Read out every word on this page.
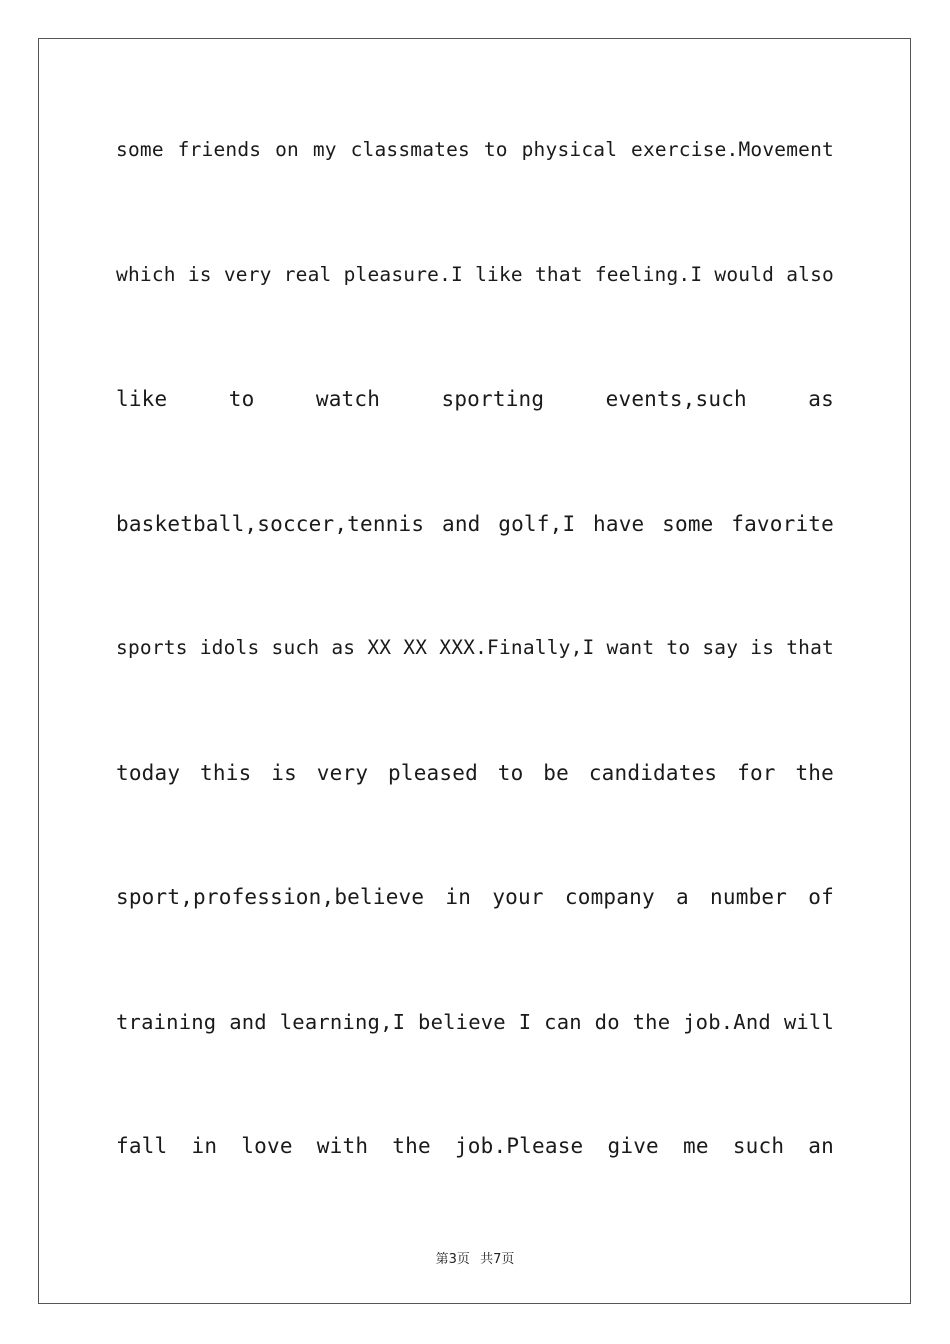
some friends on my classmates to physical exercise.Movement
which is very real pleasure.I like that feeling.I would also
like to watch sporting events,such as
basketball,soccer,tennis and golf,I have some favorite
sports idols such as XX XX XXX.Finally,I want to say is that
today this is very pleased to be candidates for the
sport,profession,believe in your company a number of
training and learning,I believe I can do the job.And will
fall in love with the job.Please give me such an
第3页 共7页
